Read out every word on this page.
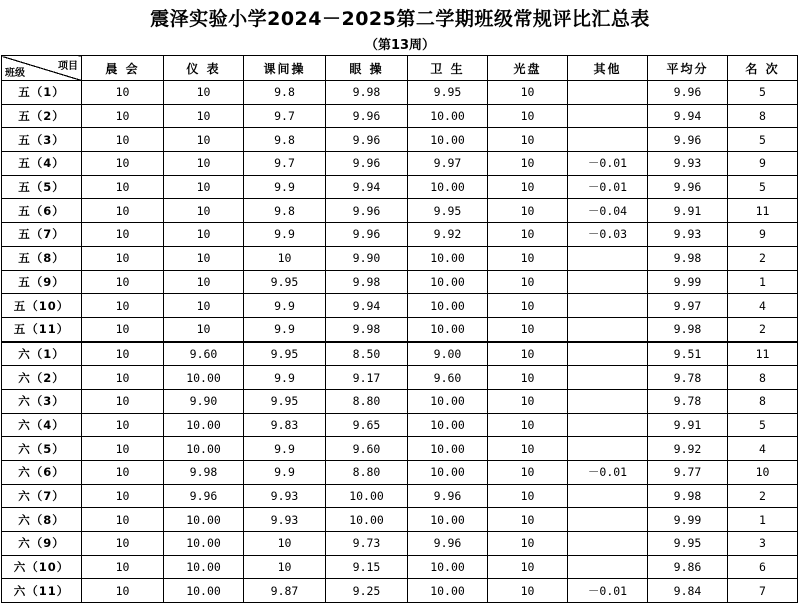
震泽实验小学2024－2025第二学期班级常规评比汇总表
（第13周）
项目
班级	晨 会	仪 表	课间操	眼 操	卫 生	光盘	其他	平均分	名 次
五（1）	10	10	9.8	9.98	9.95	10		9.96	5
五（2）	10	10	9.7	9.96	10.00	10		9.94	8
五（3）	10	10	9.8	9.96	10.00	10		9.96	5
五（4）	10	10	9.7	9.96	9.97	10	－0.01	9.93	9
五（5）	10	10	9.9	9.94	10.00	10	－0.01	9.96	5
五（6）	10	10	9.8	9.96	9.95	10	－0.04	9.91	11
五（7）	10	10	9.9	9.96	9.92	10	－0.03	9.93	9
五（8）	10	10	10	9.90	10.00	10		9.98	2
五（9）	10	10	9.95	9.98	10.00	10		9.99	1
五（10）	10	10	9.9	9.94	10.00	10		9.97	4
五（11）	10	10	9.9	9.98	10.00	10		9.98	2
六（1）	10	9.60	9.95	8.50	9.00	10		9.51	11
六（2）	10	10.00	9.9	9.17	9.60	10		9.78	8
六（3）	10	9.90	9.95	8.80	10.00	10		9.78	8
六（4）	10	10.00	9.83	9.65	10.00	10		9.91	5
六（5）	10	10.00	9.9	9.60	10.00	10		9.92	4
六（6）	10	9.98	9.9	8.80	10.00	10	－0.01	9.77	10
六（7）	10	9.96	9.93	10.00	9.96	10		9.98	2
六（8）	10	10.00	9.93	10.00	10.00	10		9.99	1
六（9）	10	10.00	10	9.73	9.96	10		9.95	3
六（10）	10	10.00	10	9.15	10.00	10		9.86	6
六（11）	10	10.00	9.87	9.25	10.00	10	－0.01	9.84	7
